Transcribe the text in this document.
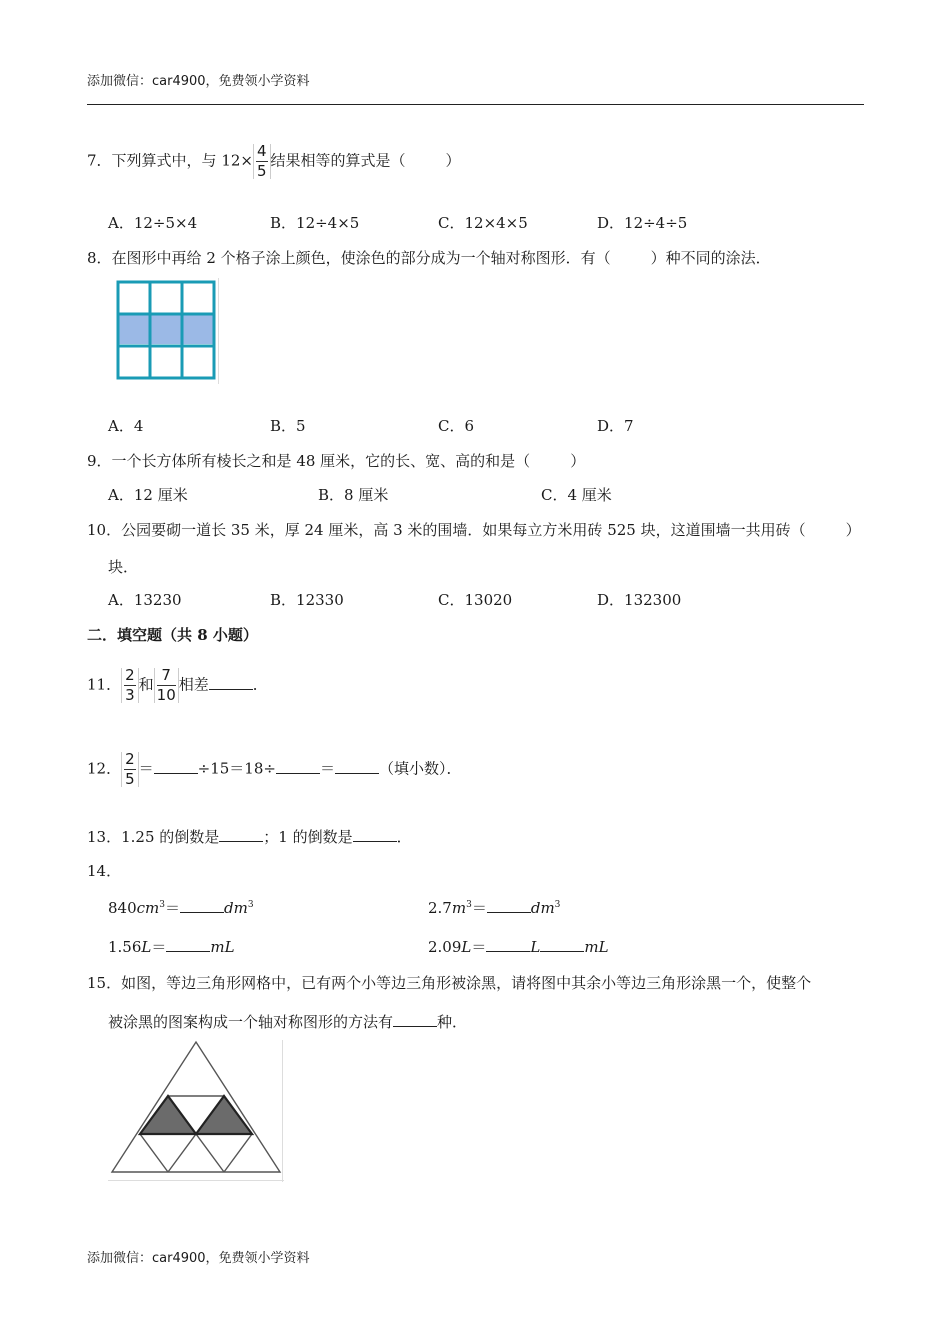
添加微信：car4900，免费领小学资料
7．下列算式中，与 $12\times \frac{4}{5}$ 结果相等的算式是（	）
A．12÷5×4	B．12÷4×5	C．12×4×5	D．12÷4÷5
8．在图形中再给 2 个格子涂上颜色，使涂色的部分成为一个轴对称图形．有（	）种不同的涂法．
A．4	B．5	C．6	D．7
9．一个长方体所有棱长之和是 48 厘米，它的长、宽、高的和是（	）
A．12 厘米	B．8 厘米	C．4 厘米
10．公园要砌一道长 35 米，厚 24 厘米，高 3 米的围墙．如果每立方米用砖 525 块，这道围墙一共用砖（	）
块．
A．13230	B．12330	C．13020	D．132300
二．填空题（共 8 小题）
11． $\frac{2}{3}$ 和 $\frac{7}{10}$ 相差	．
12． $\frac{2}{5}$ ＝	÷15＝18÷	＝	（填小数）．
13．1.25 的倒数是	；1 的倒数是	．
14．
$840cm^3=$	$dm^3$	$2.7m^3=$	$dm^3$
1.56L＝	mL	2.09L＝	L	mL
15．如图，等边三角形网格中，已有两个小等边三角形被涂黑，请将图中其余小等边三角形涂黑一个，使整个
被涂黑的图案构成一个轴对称图形的方法有	种．
添加微信：car4900，免费领小学资料
